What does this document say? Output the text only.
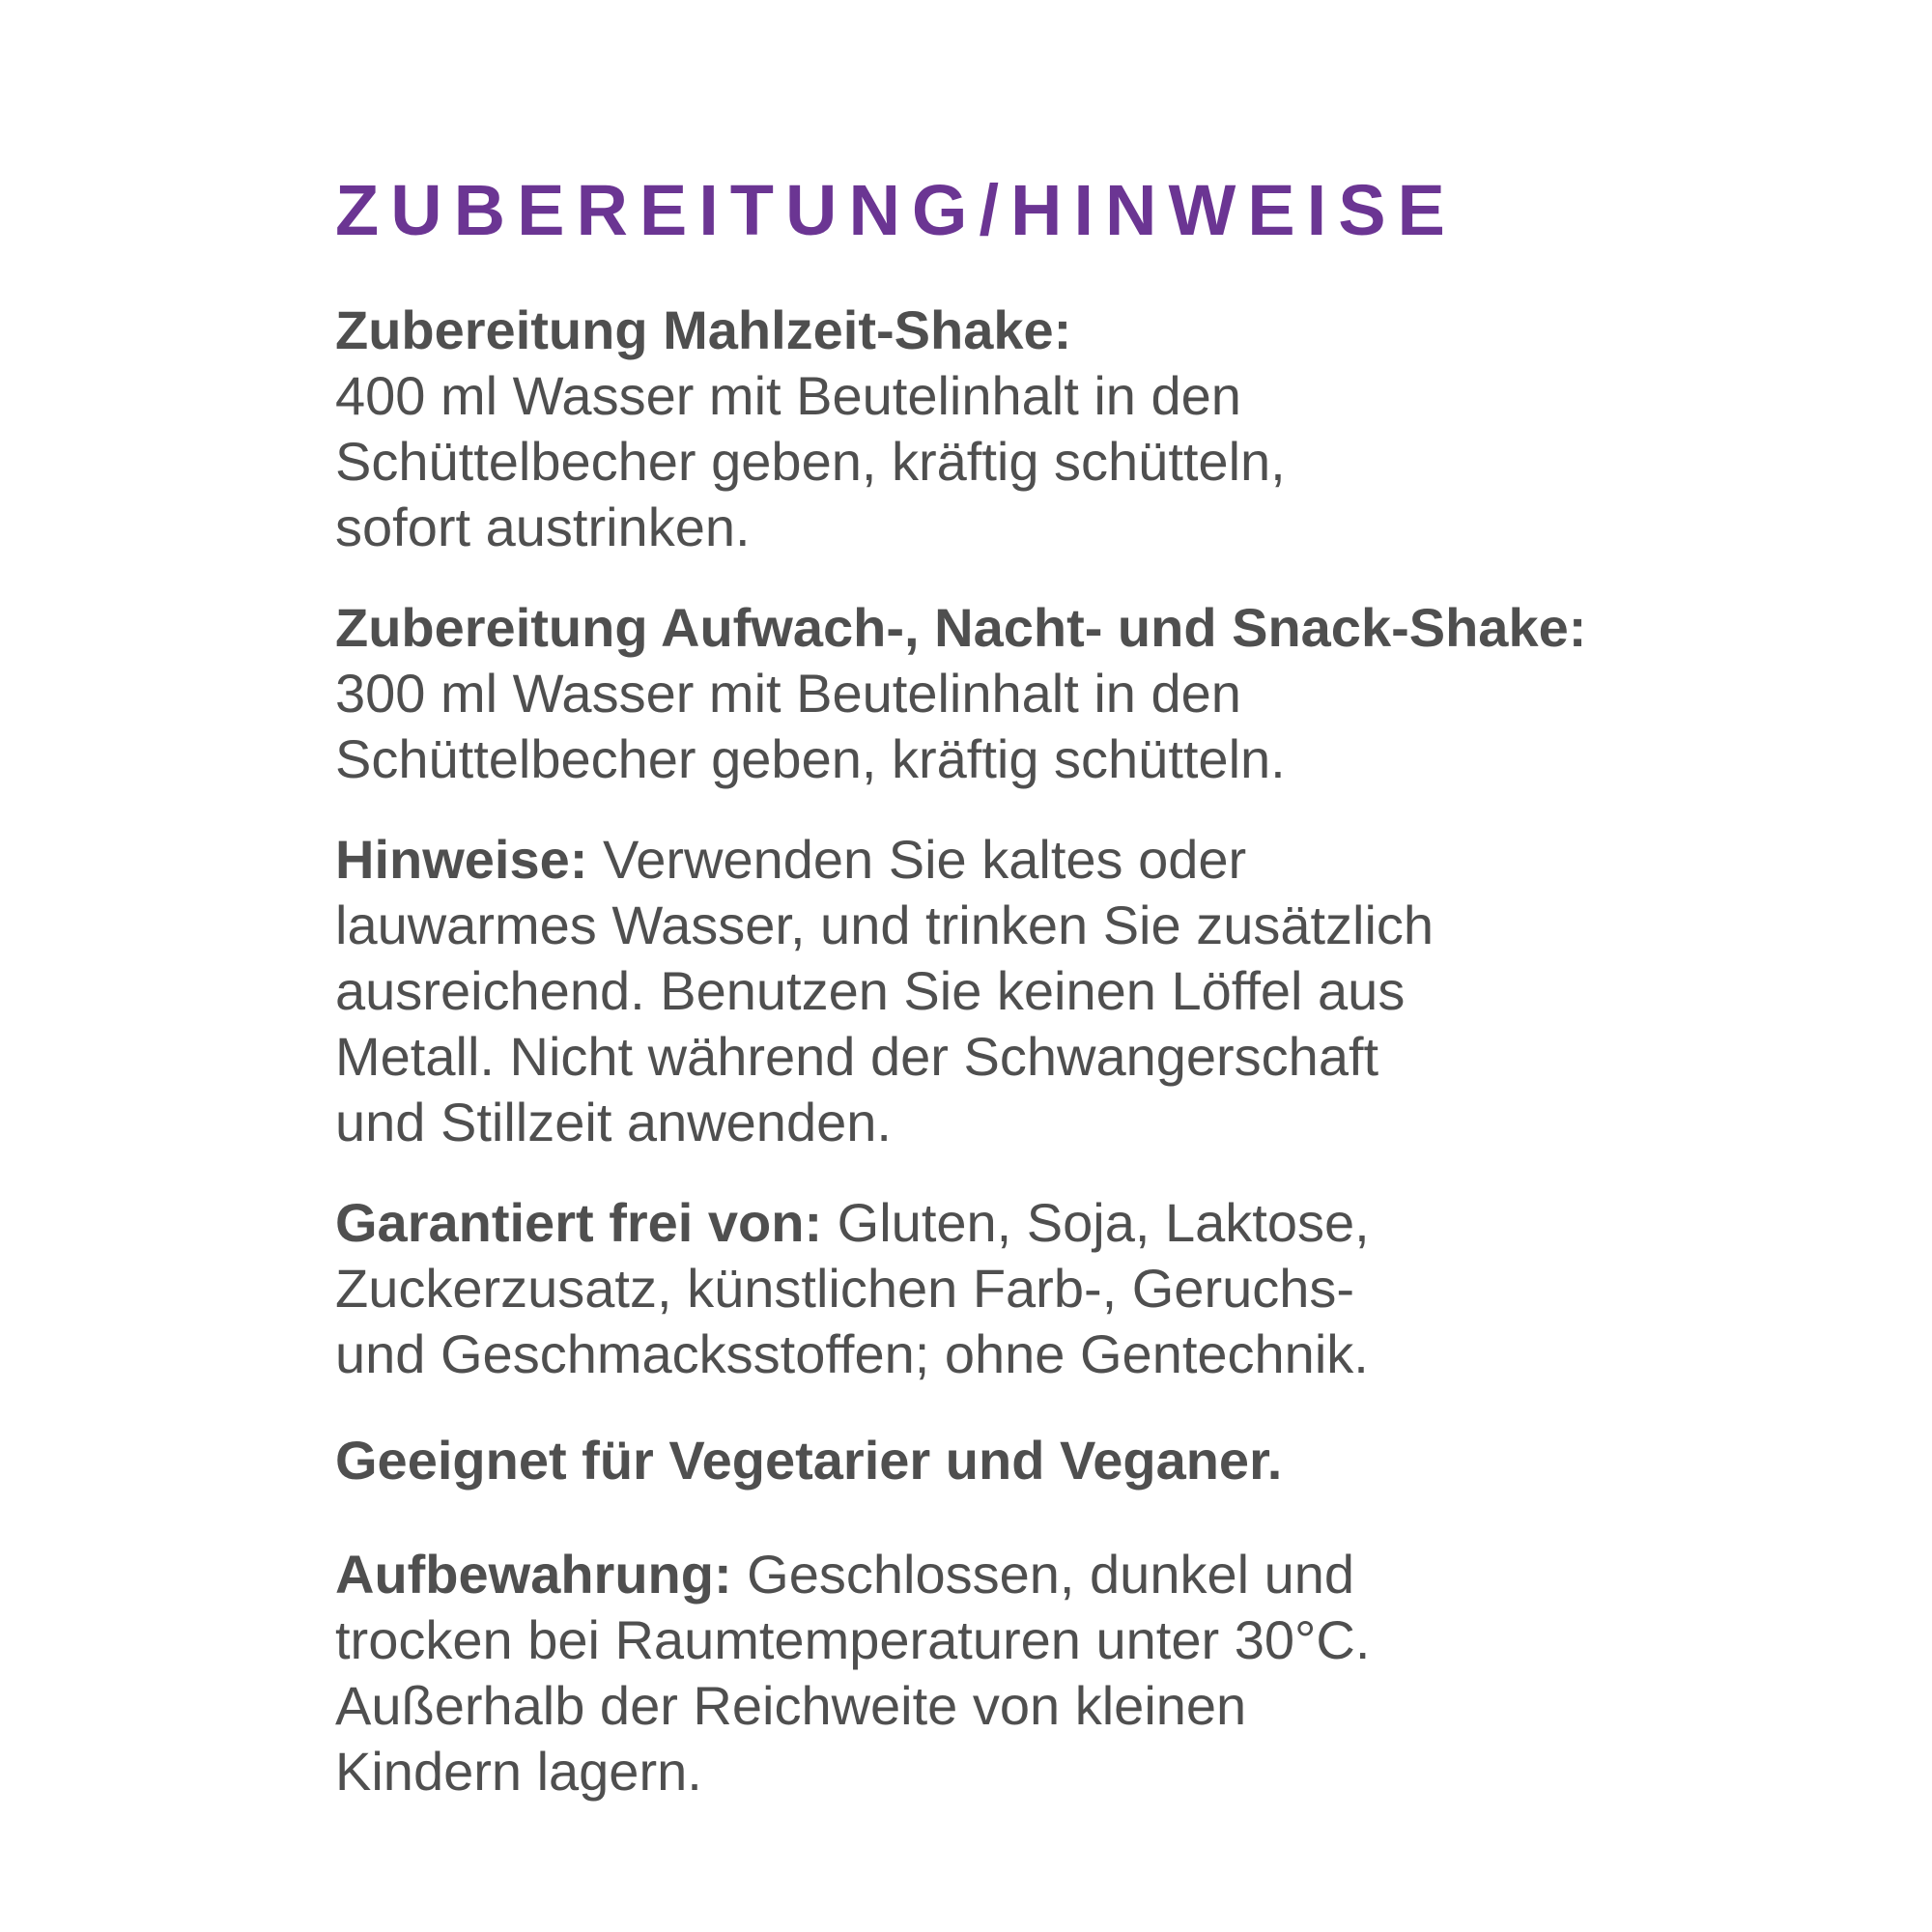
ZUBEREITUNG/HINWEISE

Zubereitung Mahlzeit-Shake:
400 ml Wasser mit Beutelinhalt in den
Schüttelbecher geben, kräftig schütteln,
sofort austrinken.

Zubereitung Aufwach-, Nacht- und Snack-Shake:
300 ml Wasser mit Beutelinhalt in den
Schüttelbecher geben, kräftig schütteln.

Hinweise: Verwenden Sie kaltes oder
lauwarmes Wasser, und trinken Sie zusätzlich
ausreichend. Benutzen Sie keinen Löffel aus
Metall. Nicht während der Schwangerschaft
und Stillzeit anwenden.

Garantiert frei von: Gluten, Soja, Laktose,
Zuckerzusatz, künstlichen Farb-, Geruchs-
und Geschmacksstoffen; ohne Gentechnik.

Geeignet für Vegetarier und Veganer.

Aufbewahrung: Geschlossen, dunkel und
trocken bei Raumtemperaturen unter 30°C.
Außerhalb der Reichweite von kleinen
Kindern lagern.
